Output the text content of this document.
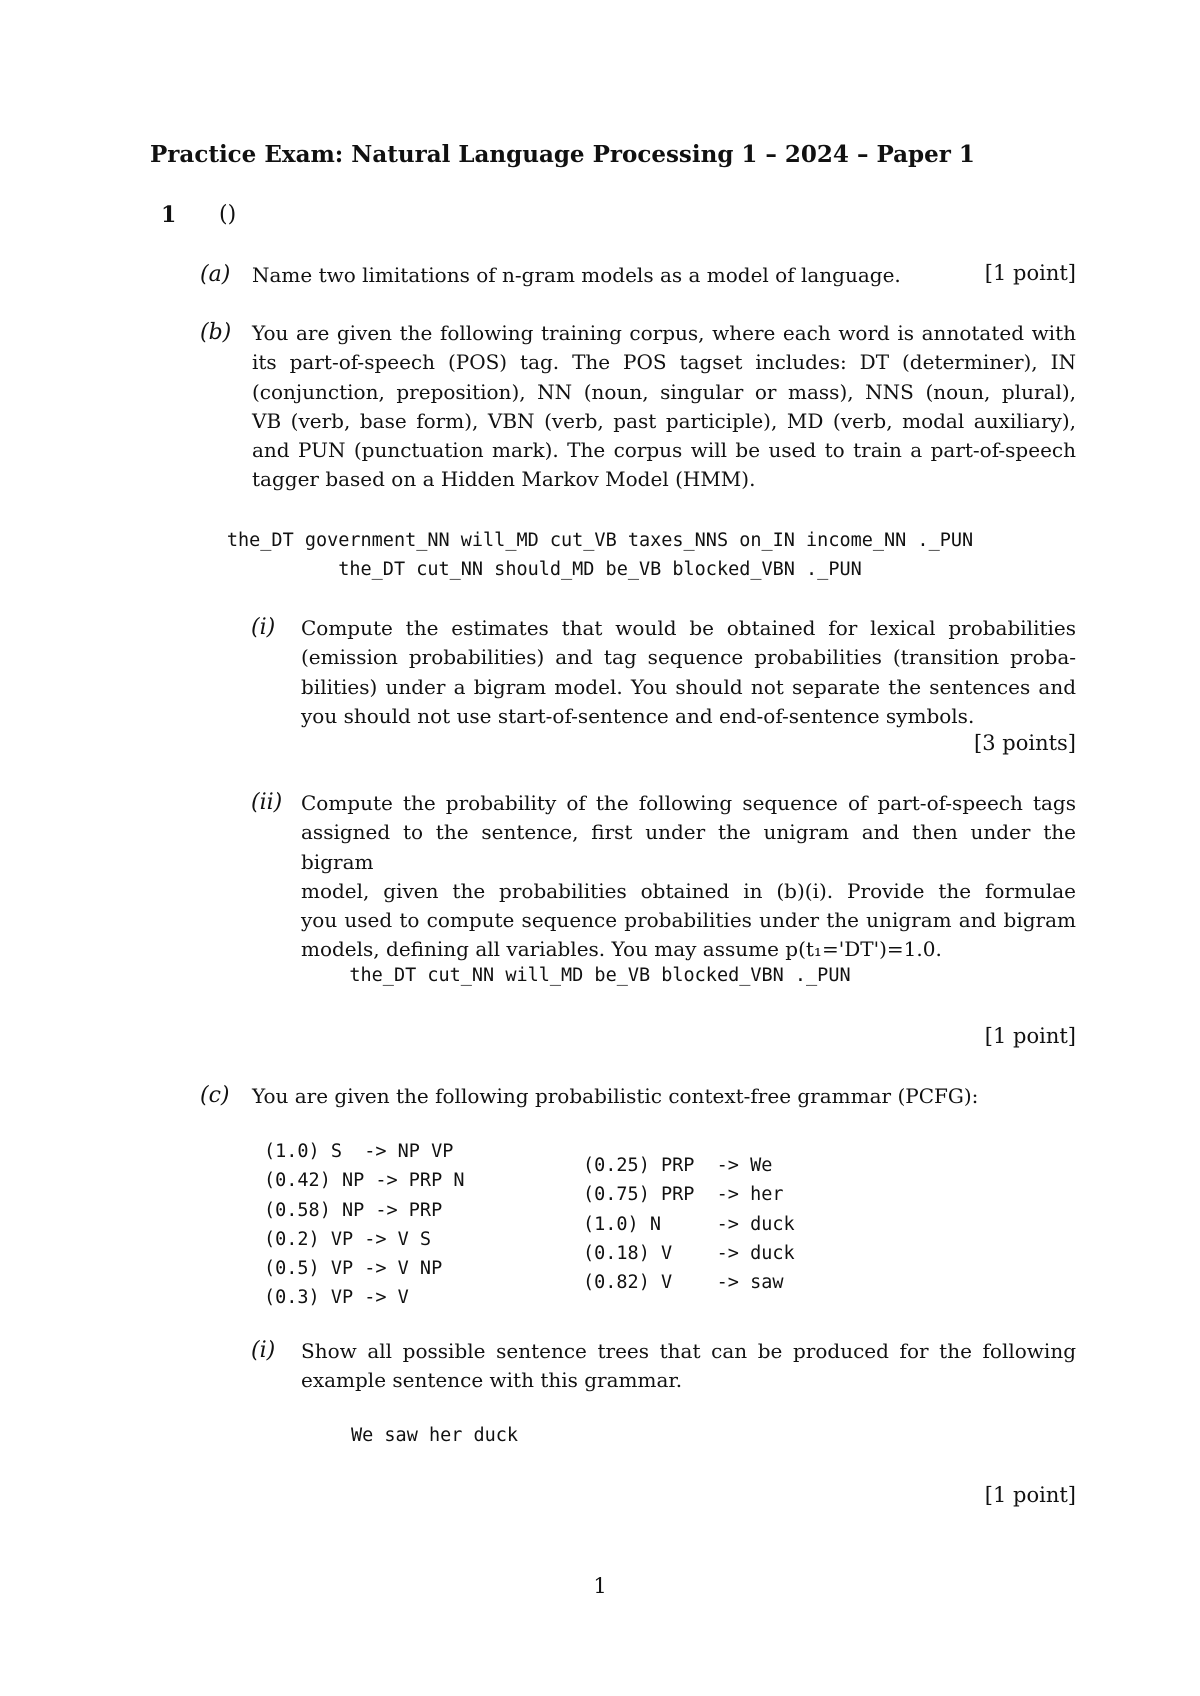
Practice Exam: Natural Language Processing 1 – 2024 – Paper 1
1 ()
(a) Name two limitations of n-gram models as a model of language.	[1 point]
(b) You are given the following training corpus, where each word is annotated with
its part-of-speech (POS) tag. The POS tagset includes: DT (determiner), IN
(conjunction, preposition), NN (noun, singular or mass), NNS (noun, plural),
VB (verb, base form), VBN (verb, past participle), MD (verb, modal auxiliary),
and PUN (punctuation mark). The corpus will be used to train a part-of-speech
tagger based on a Hidden Markov Model (HMM).
the_DT government_NN will_MD cut_VB taxes_NNS on_IN income_NN ._PUN
the_DT cut_NN should_MD be_VB blocked_VBN ._PUN
(i) Compute the estimates that would be obtained for lexical probabilities
(emission probabilities) and tag sequence probabilities (transition proba-
bilities) under a bigram model. You should not separate the sentences and
you should not use start-of-sentence and end-of-sentence symbols.
[3 points]
(ii) Compute the probability of the following sequence of part-of-speech tags
assigned to the sentence, first under the unigram and then under the bigram
model, given the probabilities obtained in (b)(i). Provide the formulae
you used to compute sequence probabilities under the unigram and bigram
models, defining all variables. You may assume p(t₁='DT')=1.0.
the_DT cut_NN will_MD be_VB blocked_VBN ._PUN
[1 point]
(c) You are given the following probabilistic context-free grammar (PCFG):
(1.0) S  -> NP VP
(0.42) NP -> PRP N
(0.58) NP -> PRP
(0.2) VP -> V S
(0.5) VP -> V NP
(0.3) VP -> V
(0.25) PRP  -> We
(0.75) PRP  -> her
(1.0) N     -> duck
(0.18) V    -> duck
(0.82) V    -> saw
(i) Show all possible sentence trees that can be produced for the following
example sentence with this grammar.
We saw her duck
[1 point]
1
